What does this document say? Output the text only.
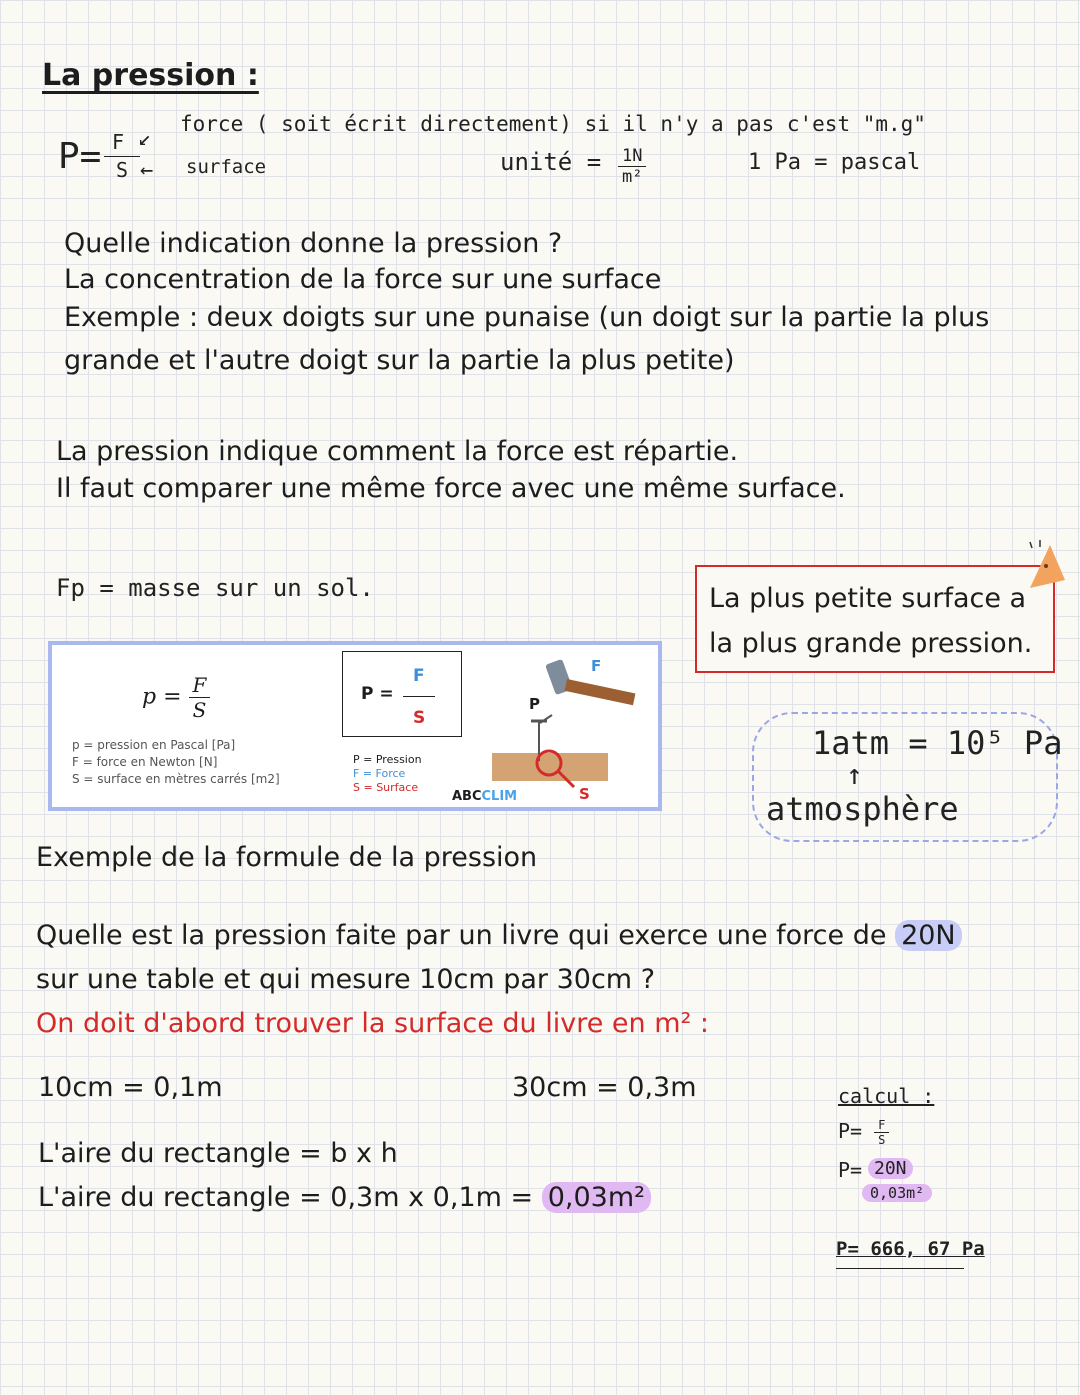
La pression :
P= F
S
↙
←
force ( soit écrit directement) si il n'y a pas c'est "m.g"
surface	unité = $\frac{1N}{\text{m²}}$	1 Pa = pascal
Quelle indication donne la pression ?
La concentration de la force sur une surface
Exemple : deux doigts sur une punaise (un doigt sur la partie la plus
grande et l'autre doigt sur la partie la plus petite)
La pression indique comment la force est répartie.
Il faut comparer une même force avec une même surface.
Fp = masse sur un sol.	La plus petite surface a
la plus grande pression.
$p = \frac{F}{S}$
p = pression en Pascal [Pa]
F = force en Newton [N]
S = surface en mètres carrés [m2]
P =
F
S
P = Pression
F = Force
S = Surface
ABCCLIM
F
P
S
1atm = 10⁵ Pa
↑
atmosphère
Exemple de la formule de la pression
Quelle est la pression faite par un livre qui exerce une force de 20N
sur une table et qui mesure 10cm par 30cm ?
On doit d'abord trouver la surface du livre en m² :
10cm = 0,1m	30cm = 0,3m
L'aire du rectangle = b x h
L'aire du rectangle = 0,3m x 0,1m = 0,03m²
calcul :
$P= \frac{F}{S}$
P= 20N
0,03m²
P= 666, 67 Pa
